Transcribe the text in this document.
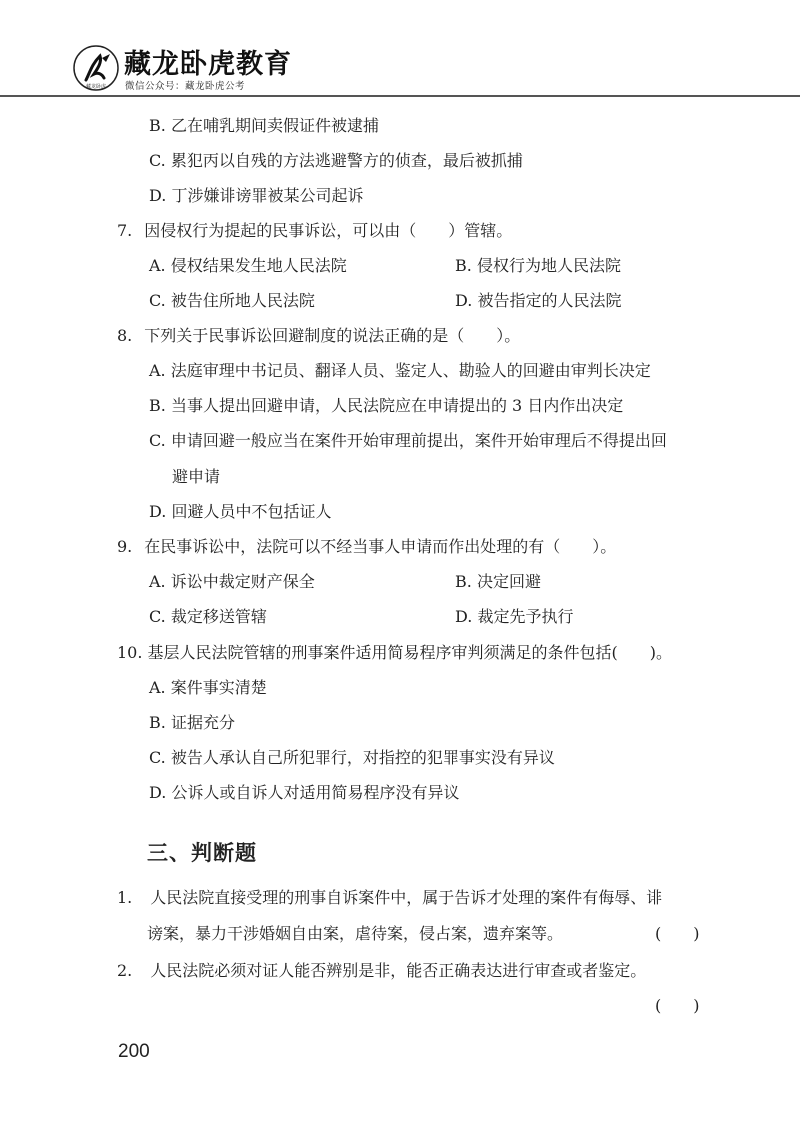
藏龙卧虎
藏龙卧虎教育
微信公众号：藏龙卧虎公考
B. 乙在哺乳期间卖假证件被逮捕
C. 累犯丙以自残的方法逃避警方的侦查，最后被抓捕
D. 丁涉嫌诽谤罪被某公司起诉
7. 因侵权行为提起的民事诉讼，可以由（　　）管辖。
A. 侵权结果发生地人民法院	B. 侵权行为地人民法院
C. 被告住所地人民法院	D. 被告指定的人民法院
8. 下列关于民事诉讼回避制度的说法正确的是（　　）。
A. 法庭审理中书记员、翻译人员、鉴定人、勘验人的回避由审判长决定
B. 当事人提出回避申请，人民法院应在申请提出的 3 日内作出决定
C. 申请回避一般应当在案件开始审理前提出，案件开始审理后不得提出回
避申请
D. 回避人员中不包括证人
9. 在民事诉讼中，法院可以不经当事人申请而作出处理的有（　　）。
A. 诉讼中裁定财产保全	B. 决定回避
C. 裁定移送管辖	D. 裁定先予执行
10. 基层人民法院管辖的刑事案件适用简易程序审判须满足的条件包括(　　)。
A. 案件事实清楚
B. 证据充分
C. 被告人承认自己所犯罪行，对指控的犯罪事实没有异议
D. 公诉人或自诉人对适用简易程序没有异议
三、判断题
1. 人民法院直接受理的刑事自诉案件中，属于告诉才处理的案件有侮辱、诽
谤案，暴力干涉婚姻自由案，虐待案，侵占案，遗弃案等。	(　　)
2. 人民法院必须对证人能否辨别是非，能否正确表达进行审查或者鉴定。
(　　)
200
